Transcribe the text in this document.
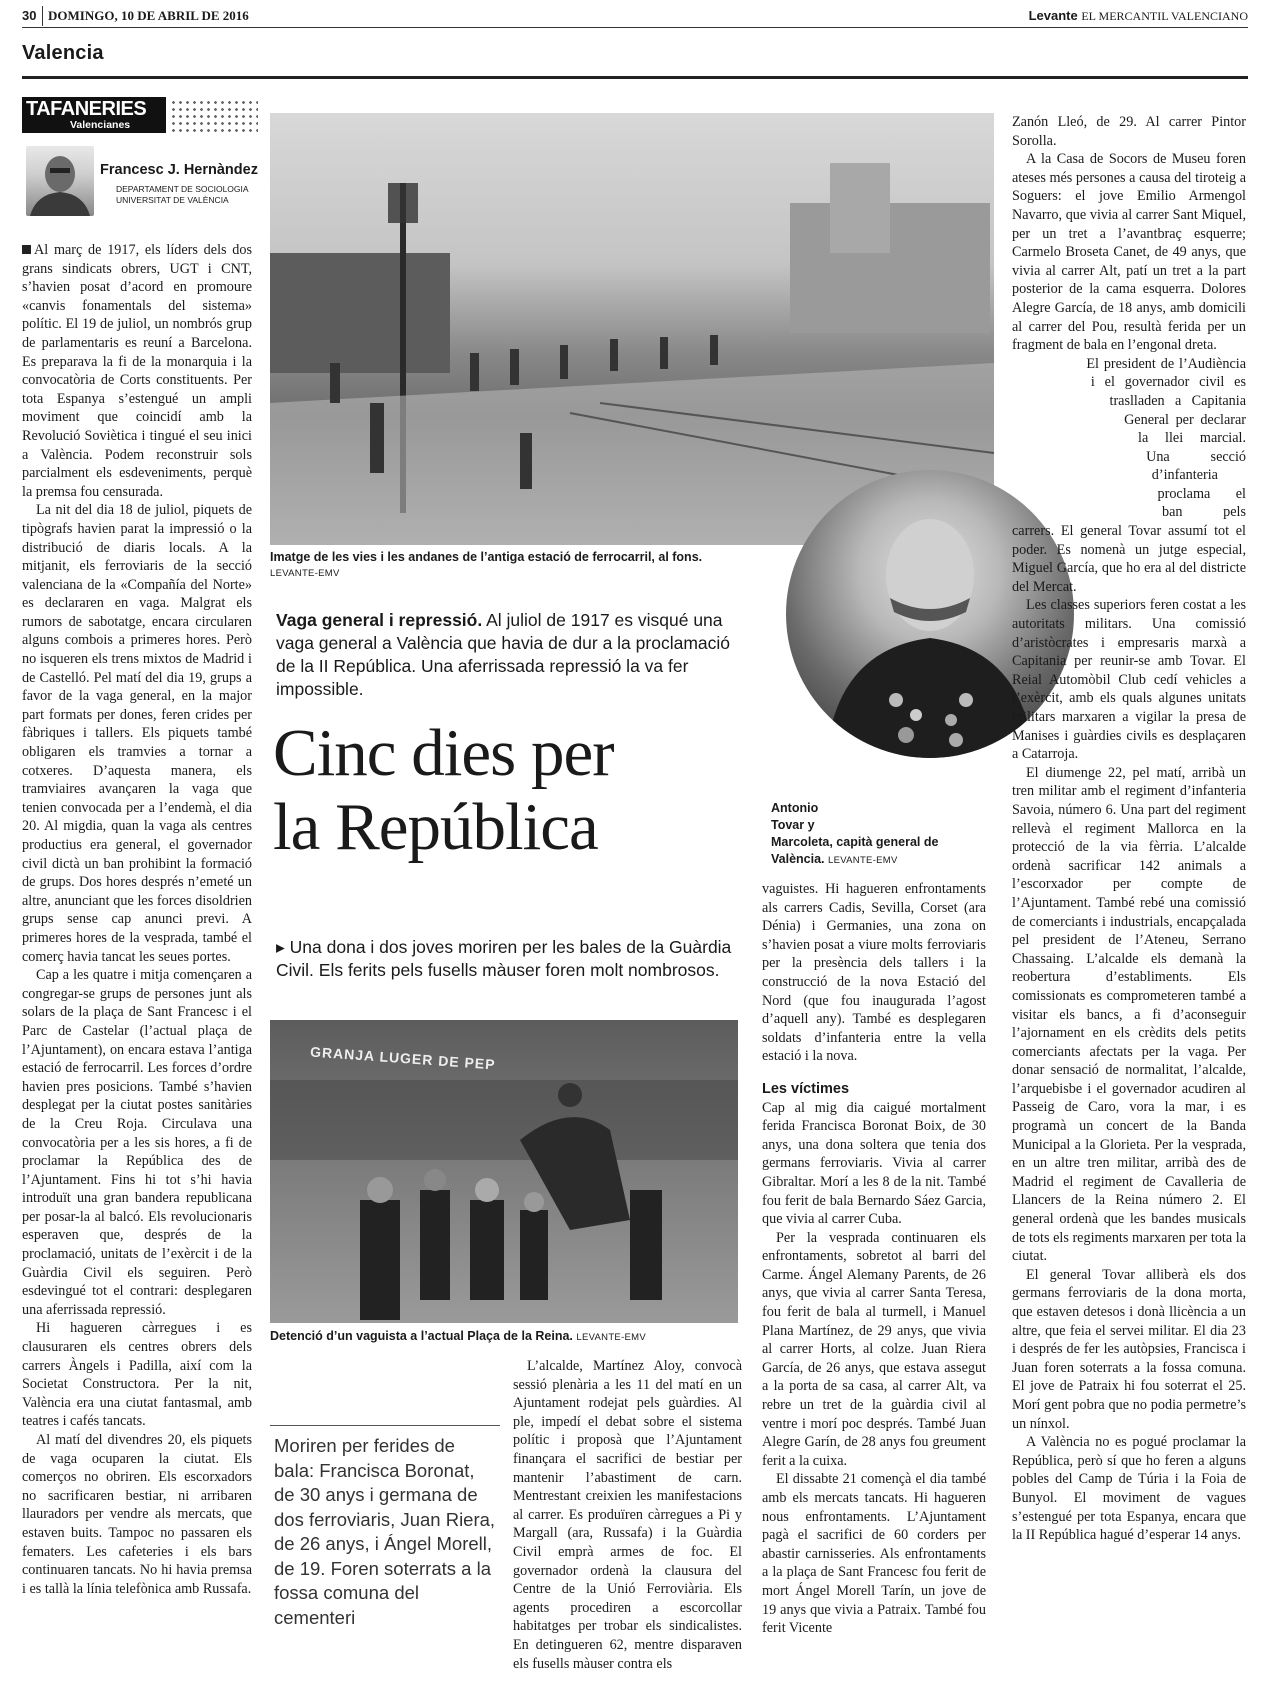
30 DOMINGO, 10 DE ABRIL DE 2016	Levante EL MERCANTIL VALENCIANO
Valencia
TAFANERIES
Valencianes
Francesc J. Hernàndez
DEPARTAMENT DE SOCIOLOGIA
UNIVERSITAT DE VALÈNCIA
Imatge de les vies i les andanes de l’antiga estació de ferrocarril, al fons.
LEVANTE-EMV
Antonio
Tovar y
Marcoleta, capità general de
València. LEVANTE-EMV
Vaga general i repressió. Al juliol de 1917 es visqué una vaga general a València que havia de dur a la proclamació de la II República. Una aferrissada repressió la va fer impossible.
Cinc dies per
la República
▸ Una dona i dos joves moriren per les bales de la Guàrdia Civil. Els ferits pels fusells màuser foren molt nombrosos.
GRANJA LUGER DE PEP
Detenció d’un vaguista a l’actual Plaça de la Reina. LEVANTE-EMV
Moriren per ferides de bala: Francisca Boronat, de 30 anys i germana de dos ferroviaris, Juan Riera, de 26 anys, i Ángel Morell, de 19. Foren soterrats a la fossa comuna del cementeri

Al març de 1917, els líders dels dos grans sindicats obrers, UGT i CNT, s’havien posat d’acord en promoure «canvis fonamentals del sistema» polític. El 19 de juliol, un nombrós grup de parlamentaris es reuní a Barcelona. Es preparava la fi de la monarquia i la convocatòria de Corts constituents. Per tota Espanya s’estengué un ampli moviment que coincidí amb la Revolució Soviètica i tingué el seu inici a València. Podem reconstruir sols parcialment els esdeveniments, perquè la premsa fou censurada.

La nit del dia 18 de juliol, piquets de tipògrafs havien parat la impressió o la distribució de diaris locals. A la mitjanit, els ferroviaris de la secció valenciana de la «Compañía del Norte» es declararen en vaga. Malgrat els rumors de sabotatge, encara circularen alguns combois a primeres hores. Però no isqueren els trens mixtos de Madrid i de Castelló. Pel matí del dia 19, grups a favor de la vaga general, en la major part formats per dones, feren crides per fàbriques i tallers. Els piquets també obligaren els tramvies a tornar a cotxeres. D’aquesta manera, els tramviaires avançaren la vaga que tenien convocada per a l’endemà, el dia 20. Al migdia, quan la vaga als centres productius era general, el governador civil dictà un ban prohibint la formació de grups. Dos hores després n’emeté un altre, anunciant que les forces disoldrien grups sense cap anunci previ. A primeres hores de la vesprada, també el comerç havia tancat les seues portes.

Cap a les quatre i mitja començaren a congregar-se grups de persones junt als solars de la plaça de Sant Francesc i el Parc de Castelar (l’actual plaça de l’Ajuntament), on encara estava l’antiga estació de ferrocarril. Les forces d’ordre havien pres posicions. També s’havien desplegat per la ciutat postes sanitàries de la Creu Roja. Circulava una convocatòria per a les sis hores, a fi de proclamar la República des de l’Ajuntament. Fins hi tot s’hi havia introduït una gran bandera republicana per posar-la al balcó. Els revolucionaris esperaven que, després de la proclamació, unitats de l’exèrcit i de la Guàrdia Civil els seguiren. Però esdevingué tot el contrari: desplegaren una aferrissada repressió.

Hi hagueren càrregues i es clausuraren els centres obrers dels carrers Àngels i Padilla, així com la Societat Constructora. Per la nit, València era una ciutat fantasmal, amb teatres i cafés tancats.

Al matí del divendres 20, els piquets de vaga ocuparen la ciutat. Els comerços no obriren. Els escorxadors no sacrificaren bestiar, ni arribaren llauradors per vendre als mercats, que estaven buits. Tampoc no passaren els fematers. Les cafeteries i els bars continuaren tancats. No hi havia premsa i es tallà la línia telefònica amb Russafa.

L’alcalde, Martínez Aloy, convocà sessió plenària a les 11 del matí en un Ajuntament rodejat pels guàrdies. Al ple, impedí el debat sobre el sistema polític i proposà que l’Ajuntament finançara el sacrifici de bestiar per mantenir l’abastiment de carn. Mentrestant creixien les manifestacions al carrer. Es produïren càrregues a Pi y Margall (ara, Russafa) i la Guàrdia Civil emprà armes de foc. El governador ordenà la clausura del Centre de la Unió Ferroviària. Els agents procediren a escorcollar habitatges per trobar els sindicalistes. En detingueren 62, mentre disparaven els fusells màuser contra els

vaguistes. Hi hagueren enfrontaments als carrers Cadis, Sevilla, Corset (ara Dénia) i Germanies, una zona on s’havien posat a viure molts ferroviaris per la presència dels tallers i la construcció de la nova Estació del Nord (que fou inaugurada l’agost d’aquell any). També es desplegaren soldats d’infanteria entre la vella estació i la nova.

Les víctimes

Cap al mig dia caigué mortalment ferida Francisca Boronat Boix, de 30 anys, una dona soltera que tenia dos germans ferroviaris. Vivia al carrer Gibraltar. Morí a les 8 de la nit. També fou ferit de bala Bernardo Sáez Garcia, que vivia al carrer Cuba.

Per la vesprada continuaren els enfrontaments, sobretot al barri del Carme. Ángel Alemany Parents, de 26 anys, que vivia al carrer Santa Teresa, fou ferit de bala al turmell, i Manuel Plana Martínez, de 29 anys, que vivia al carrer Horts, al colze. Juan Riera García, de 26 anys, que estava assegut a la porta de sa casa, al carrer Alt, va rebre un tret de la guàrdia civil al ventre i morí poc després. També Juan Alegre Garín, de 28 anys fou greument ferit a la cuixa.

El dissabte 21 començà el dia també amb els mercats tancats. Hi hagueren nous enfrontaments. L’Ajuntament pagà el sacrifici de 60 corders per abastir carnisseries. Als enfrontaments a la plaça de Sant Francesc fou ferit de mort Ángel Morell Tarín, un jove de 19 anys que vivia a Patraix. També fou ferit Vicente

Zanón Lleó, de 29. Al carrer Pintor Sorolla.

A la Casa de Socors de Museu foren ateses més persones a causa del tiroteig a Soguers: el jove Emilio Armengol Navarro, que vivia al carrer Sant Miquel, per un tret a l’avantbraç esquerre; Carmelo Broseta Canet, de 49 anys, que vivia al carrer Alt, patí un tret a la part posterior de la cama esquerra. Dolores Alegre García, de 18 anys, amb domicili al carrer del Pou, resultà ferida per un fragment de bala en l’engonal dreta.

El president de l’Audiència i el governador civil es traslladen a Capitania General per declarar la llei marcial. Una secció d’infanteria proclama el ban pels carrers. El general Tovar assumí tot el poder. Es nomenà un jutge especial, Miguel García, que ho era al del districte del Mercat.

Les classes superiors feren costat a les autoritats militars. Una comissió d’aristòcrates i empresaris marxà a Capitania per reunir-se amb Tovar. El Reial Automòbil Club cedí vehicles a l’exèrcit, amb els quals algunes unitats militars marxaren a vigilar la presa de Manises i guàrdies civils es desplaçaren a Catarroja.

El diumenge 22, pel matí, arribà un tren militar amb el regiment d’infanteria Savoia, número 6. Una part del regiment rellevà el regiment Mallorca en la protecció de la via fèrria. L’alcalde ordenà sacrificar 142 animals a l’escorxador per compte de l’Ajuntament. També rebé una comissió de comerciants i industrials, encapçalada pel president de l’Ateneu, Serrano Chassaing. L’alcalde els demanà la reobertura d’establiments. Els comissionats es comprometeren també a visitar els bancs, a fi d’aconseguir l’ajornament en els crèdits dels petits comerciants afectats per la vaga. Per donar sensació de normalitat, l’alcalde, l’arquebisbe i el governador acudiren al Passeig de Caro, vora la mar, i es programà un concert de la Banda Municipal a la Glorieta. Per la vesprada, en un altre tren militar, arribà des de Madrid el regiment de Cavalleria de Llancers de la Reina número 2. El general ordenà que les bandes musicals de tots els regiments marxaren per tota la ciutat.

El general Tovar alliberà els dos germans ferroviaris de la dona morta, que estaven detesos i donà llicència a un altre, que feia el servei militar. El dia 23 i després de fer les autòpsies, Francisca i Juan foren soterrats a la fossa comuna. El jove de Patraix hi fou soterrat el 25. Morí gent pobra que no podia permetre’s un nínxol.

A València no es pogué proclamar la República, però sí que ho feren a alguns pobles del Camp de Túria i la Foia de Bunyol. El moviment de vagues s’estengué per tota Espanya, encara que la II República hagué d’esperar 14 anys.
